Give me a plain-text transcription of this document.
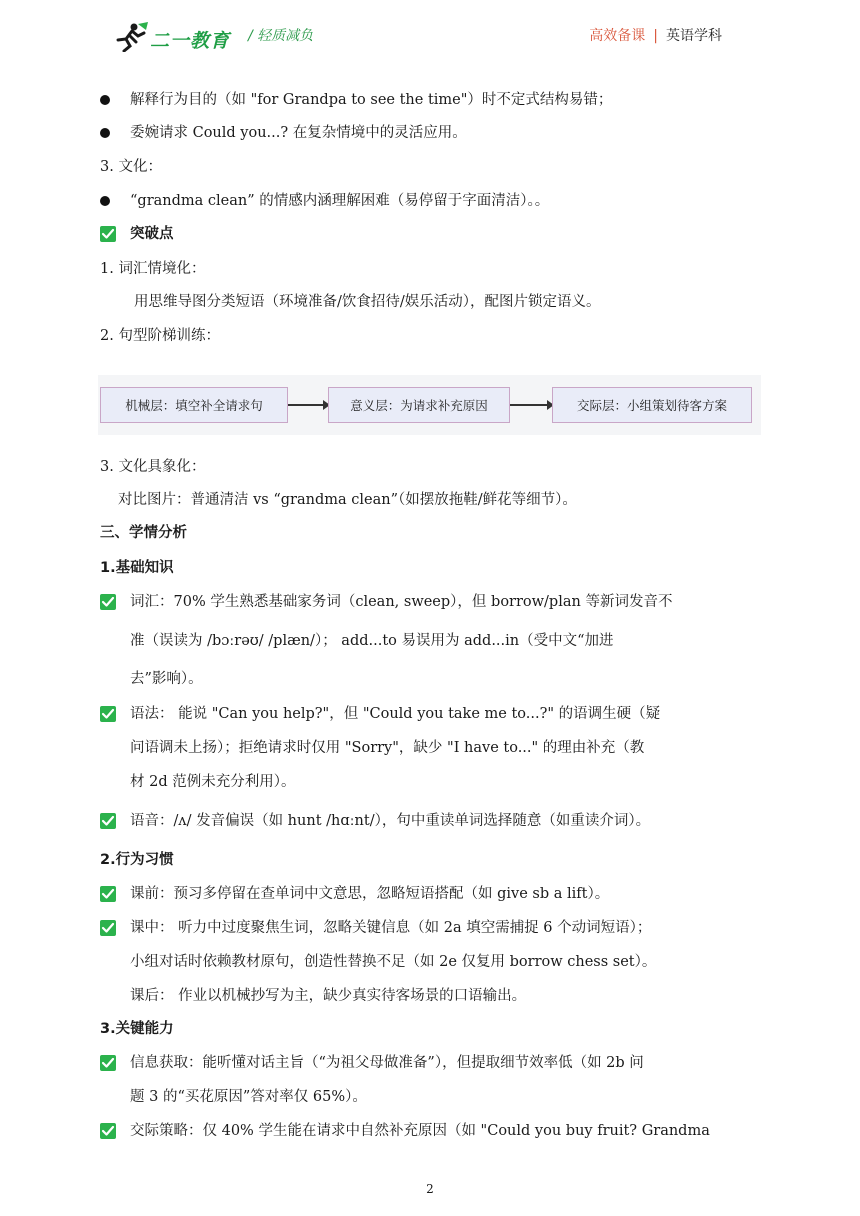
二一教育 / 轻质减负	高效备课 | 英语学科
解释行为目的（如 "for Grandpa to see the time"）时不定式结构易错；
委婉请求 Could you...? 在复杂情境中的灵活应用。
3. 文化：
“grandma clean” 的情感内涵理解困难（易停留于字面清洁）。。
突破点
1. 词汇情境化：
用思维导图分类短语（环境准备/饮食招待/娱乐活动），配图片锁定语义。
2. 句型阶梯训练：
3. 文化具象化：
对比图片：普通清洁 vs “grandma clean”（如摆放拖鞋/鲜花等细节）。
三、学情分析
1.基础知识
词汇：70% 学生熟悉基础家务词（clean, sweep），但 borrow/plan 等新词发音不
准（误读为 /bɔːrəʊ/ /plæn/）； add...to 易误用为 add...in（受中文“加进
去”影响）。
语法： 能说 "Can you help?"，但 "Could you take me to...?" 的语调生硬（疑
问语调未上扬）；拒绝请求时仅用 "Sorry"，缺少 "I have to..." 的理由补充（教
材 2d 范例未充分利用）。
语音：/ʌ/ 发音偏误（如 hunt /hɑːnt/），句中重读单词选择随意（如重读介词）。
2.行为习惯
课前：预习多停留在查单词中文意思，忽略短语搭配（如 give sb a lift）。
课中： 听力中过度聚焦生词，忽略关键信息（如 2a 填空需捕捉 6 个动词短语）；
小组对话时依赖教材原句，创造性替换不足（如 2e 仅复用 borrow chess set）。
课后： 作业以机械抄写为主，缺少真实待客场景的口语输出。
3.关键能力
信息获取：能听懂对话主旨（“为祖父母做准备”），但提取细节效率低（如 2b 问
题 3 的“买花原因”答对率仅 65%）。
交际策略：仅 40% 学生能在请求中自然补充原因（如 "Could you buy fruit? Grandma
机械层：填空补全请求句	意义层：为请求补充原因	交际层：小组策划待客方案
2
